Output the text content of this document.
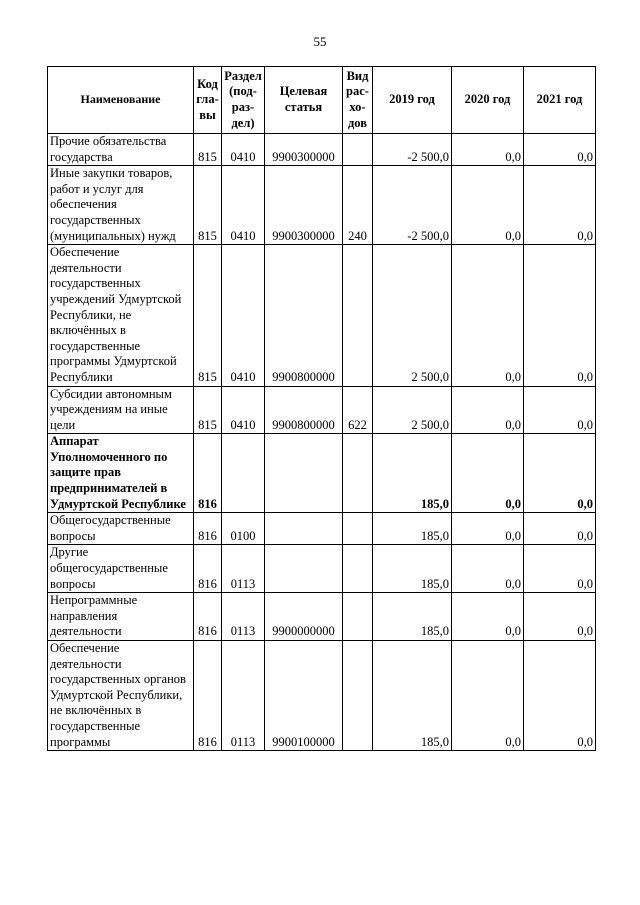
55
Наименование	Код гла- вы	Раздел (под- раз- дел)	Целевая статья	Вид рас- хо- дов	2019 год	2020 год	2021 год
Прочие обязательства государства	815	0410	9900300000		-2 500,0	0,0	0,0
Иные закупки товаров, работ и услуг для обеспечения государственных (муниципальных) нужд	815	0410	9900300000	240	-2 500,0	0,0	0,0
Обеспечение деятельности государственных учреждений Удмуртской Республики, не включённых в государственные программы Удмуртской Республики	815	0410	9900800000		2 500,0	0,0	0,0
Субсидии автономным учреждениям на иные цели	815	0410	9900800000	622	2 500,0	0,0	0,0
Аппарат Уполномоченного по защите прав предпринимателей в Удмуртской Республике	816				185,0	0,0	0,0
Общегосударственные вопросы	816	0100			185,0	0,0	0,0
Другие общегосударственные вопросы	816	0113			185,0	0,0	0,0
Непрограммные направления деятельности	816	0113	9900000000		185,0	0,0	0,0
Обеспечение деятельности государственных органов Удмуртской Республики, не включённых в государственные программы	816	0113	9900100000		185,0	0,0	0,0
